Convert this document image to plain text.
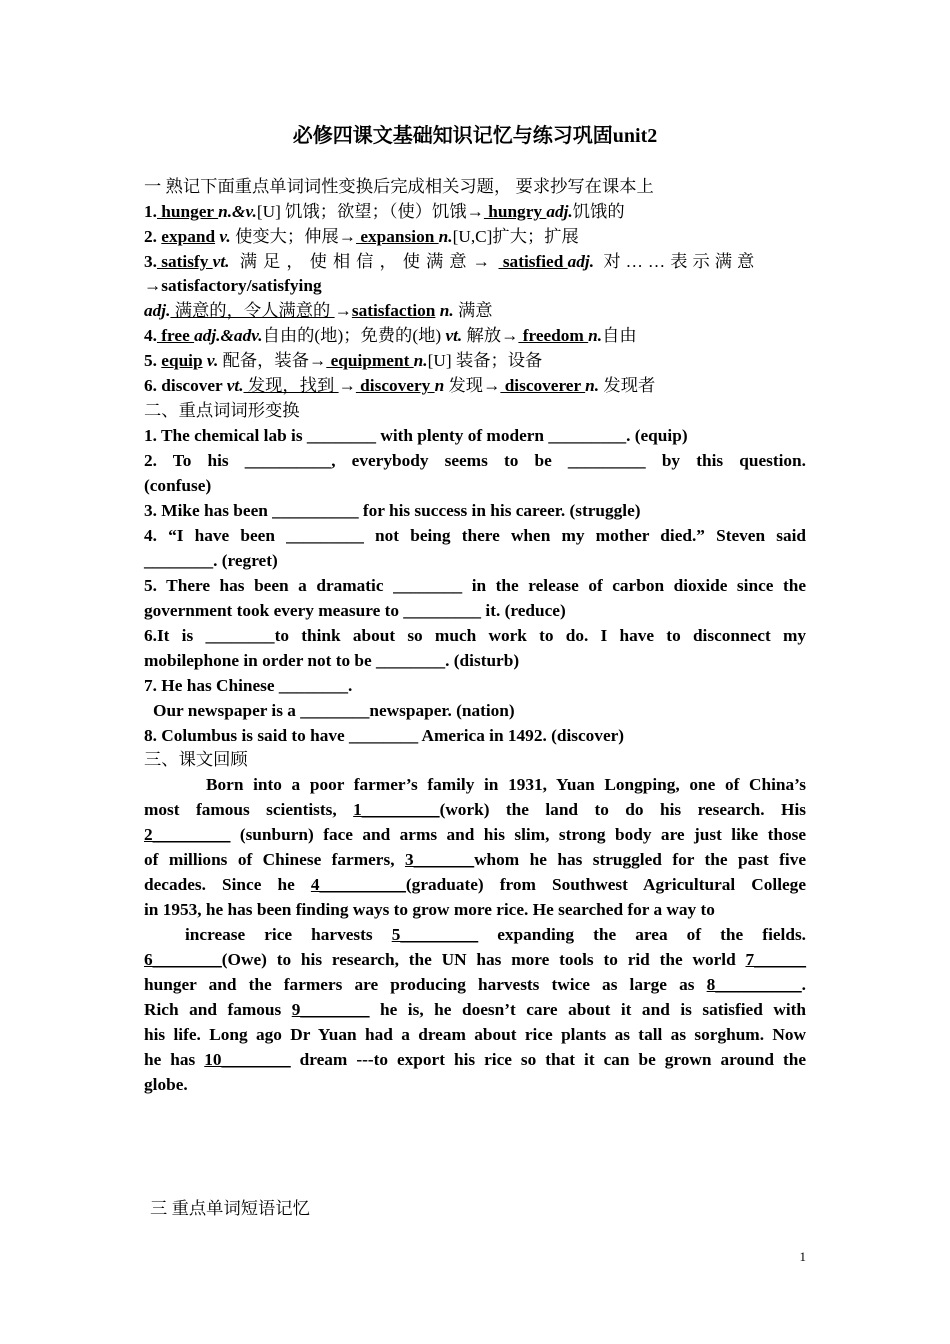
必修四课文基础知识记忆与练习巩固unit2
一 熟记下面重点单词词性变换后完成相关习题， 要求抄写在课本上
1. hunger n.&v.[U] 饥饿；欲望；（使）饥饿→ hungry adj.饥饿的
2. expand v. 使变大；伸展→ expansion n.[U,C]扩大；扩展
3. satisfy vt. 满足，使相信，使满意→   satisfied adj. 对……表示满意
→satisfactory/satisfying
adj. 满意的，令人满意的 →satisfaction n. 满意
4. free adj.&adv.自由的(地)；免费的(地) vt. 解放→ freedom n.自由
5. equip v. 配备，装备→ equipment n.[U] 装备；设备
6. discover vt. 发现，找到 → discovery n 发现→ discoverer n. 发现者
二、重点词词形变换
1. The chemical lab is ________ with plenty of modern _________. (equip)
2. To his __________, everybody seems to be _________ by this question.
(confuse)
3. Mike has been __________ for his success in his career. (struggle)
4. “I have been _________ not being there when my mother died.” Steven said
________. (regret)
5. There has been a dramatic ________ in the release of carbon dioxide since the
government took every measure to _________ it. (reduce)
6.It is ________to think about so much work to do. I have to disconnect my
mobilephone in order not to be ________. (disturb)
7. He has Chinese ________.
Our newspaper is a ________newspaper. (nation)
8. Columbus is said to have ________ America in 1492. (discover)
三、课文回顾
Born into a poor farmer’s family in 1931, Yuan Longping, one of China’s
most famous scientists, 1_________(work) the land to do his research. His
2_________ (sunburn) face and arms and his slim, strong body are just like those
of millions of Chinese farmers, 3_______whom he has struggled for the past five
decades. Since he 4__________(graduate) from Southwest Agricultural College
in 1953, he has been finding ways to grow more rice. He searched for a way to
increase rice harvests 5_________ expanding the area of the fields.
6________(Owe) to his research, the UN has more tools to rid the world 7______
hunger and the farmers are producing harvests twice as large as 8__________.
Rich and famous 9________ he is, he doesn’t care about it and is satisfied with
his life. Long ago Dr Yuan had a dream about rice plants as tall as sorghum. Now
he has 10________ dream ---to export his rice so that it can be grown around the
globe.
三 重点单词短语记忆
1
